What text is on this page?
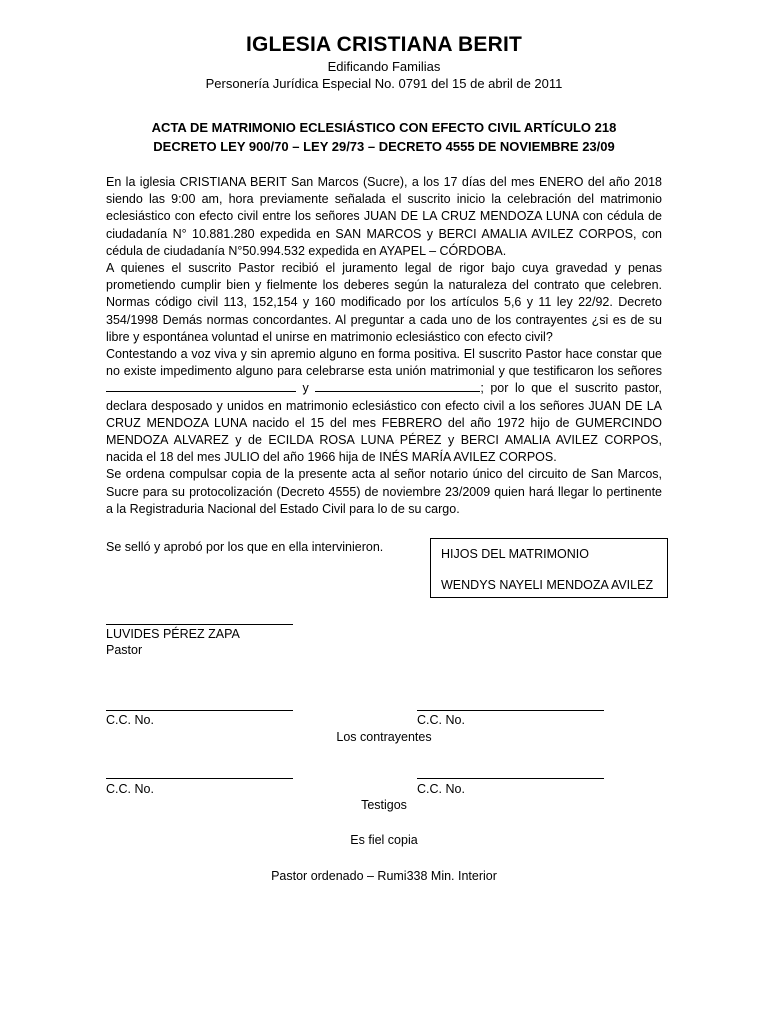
IGLESIA CRISTIANA BERIT
Edificando Familias
Personería Jurídica Especial No. 0791 del 15 de abril de 2011
ACTA DE MATRIMONIO ECLESIÁSTICO CON EFECTO CIVIL ARTÍCULO 218
DECRETO LEY 900/70 – LEY 29/73 – DECRETO 4555 DE NOVIEMBRE 23/09

En la iglesia CRISTIANA BERIT San Marcos (Sucre), a los 17 días del mes ENERO del año 2018 siendo las 9:00 am, hora previamente señalada el suscrito inicio la celebración del matrimonio eclesiástico con efecto civil entre los señores JUAN DE LA CRUZ MENDOZA LUNA con cédula de ciudadanía N° 10.881.280 expedida en SAN MARCOS y BERCI AMALIA AVILEZ CORPOS, con cédula de ciudadanía N°50.994.532 expedida en AYAPEL – CÓRDOBA.

A quienes el suscrito Pastor recibió el juramento legal de rigor bajo cuya gravedad y penas prometiendo cumplir bien y fielmente los deberes según la naturaleza del contrato que celebren. Normas código civil 113, 152,154 y 160 modificado por los artículos 5,6 y 11 ley 22/92. Decreto 354/1998 Demás normas concordantes. Al preguntar a cada uno de los contrayentes ¿si es de su libre y espontánea voluntad el unirse en matrimonio eclesiástico con efecto civil?

Contestando a voz viva y sin apremio alguno en forma positiva. El suscrito Pastor hace constar que no existe impedimento alguno para celebrarse esta unión matrimonial y que testificaron los señores  y	; por lo que el suscrito pastor, declara desposado y unidos en matrimonio eclesiástico con efecto civil a los señores JUAN DE LA CRUZ MENDOZA LUNA nacido el 15 del mes FEBRERO del año 1972 hijo de GUMERCINDO MENDOZA ALVAREZ y de ECILDA ROSA LUNA PÉREZ y BERCI AMALIA AVILEZ CORPOS, nacida el 18 del mes JULIO del año 1966 hija de INÉS MARÍA AVILEZ CORPOS.

Se ordena compulsar copia de la presente acta al señor notario único del circuito de San Marcos, Sucre para su protocolización (Decreto 4555) de noviembre 23/2009 quien hará llegar lo pertinente a la Registraduria Nacional del Estado Civil para lo de su cargo.

Se selló y aprobó por los que en ella intervinieron.	HIJOS DEL MATRIMONIO
WENDYS NAYELI MENDOZA AVILEZ
LUVIDES PÉREZ ZAPA
Pastor
C.C. No.	C.C. No.
Los contrayentes
C.C. No.	C.C. No.
Testigos
Es fiel copia
Pastor ordenado – Rumi338 Min. Interior
